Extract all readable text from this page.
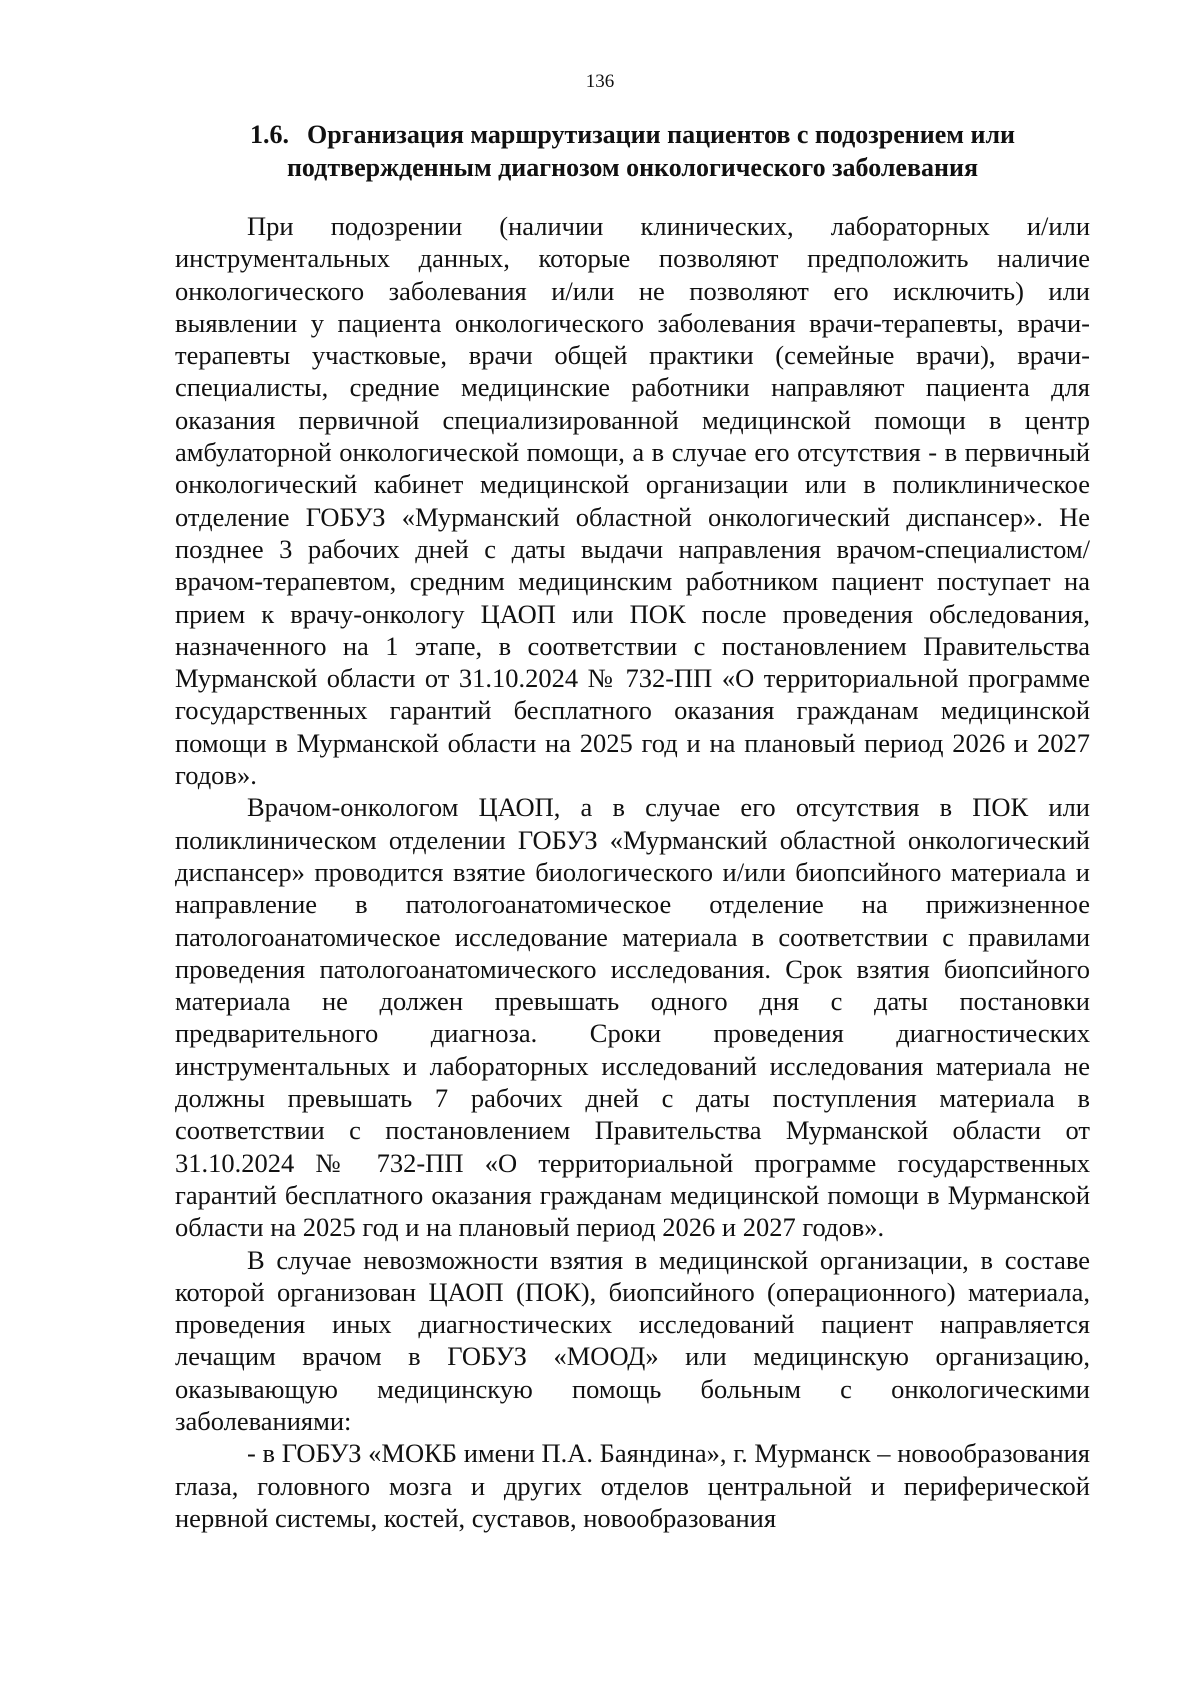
136
1.6. Организация маршрутизации пациентов с подозрением или подтвержденным диагнозом онкологического заболевания

При подозрении (наличии клинических, лабораторных и/или инструментальных данных, которые позволяют предположить наличие онкологического заболевания и/или не позволяют его исключить) или выявлении у пациента онкологического заболевания врачи-терапевты, врачи-терапевты участковые, врачи общей практики (семейные врачи), врачи-специалисты, средние медицинские работники направляют пациента для оказания первичной специализированной медицинской помощи в центр амбулаторной онкологической помощи, а в случае его отсутствия - в первичный онкологический кабинет медицинской организации или в поликлиническое отделение ГОБУЗ «Мурманский областной онкологический диспансер». Не позднее 3 рабочих дней с даты выдачи направления врачом-специалистом/врачом-терапевтом, средним медицинским работником пациент поступает на прием к врачу-онкологу ЦАОП или ПОК после проведения обследования, назначенного на 1 этапе, в соответствии с постановлением Правительства Мурманской области от 31.10.2024 № 732-ПП «О территориальной программе государственных гарантий бесплатного оказания гражданам медицинской помощи в Мурманской области на 2025 год и на плановый период 2026 и 2027 годов».

Врачом-онкологом ЦАОП, а в случае его отсутствия в ПОК или поликлиническом отделении ГОБУЗ «Мурманский областной онкологический диспансер» проводится взятие биологического и/или биопсийного материала и направление в патологоанатомическое отделение на прижизненное патологоанатомическое исследование материала в соответствии с правилами проведения патологоанатомического исследования. Срок взятия биопсийного материала не должен превышать одного дня с даты постановки предварительного диагноза. Сроки проведения диагностических инструментальных и лабораторных исследований исследования материала не должны превышать 7 рабочих дней с даты поступления материала в соответствии с постановлением Правительства Мурманской области от 31.10.2024 № 732-ПП «О территориальной программе государственных гарантий бесплатного оказания гражданам медицинской помощи в Мурманской области на 2025 год и на плановый период 2026 и 2027 годов».

В случае невозможности взятия в медицинской организации, в составе которой организован ЦАОП (ПОК), биопсийного (операционного) материала, проведения иных диагностических исследований пациент направляется лечащим врачом в ГОБУЗ «МООД» или медицинскую организацию, оказывающую медицинскую помощь больным с онкологическими заболеваниями:

- в ГОБУЗ «МОКБ имени П.А. Баяндина», г. Мурманск – новообразования глаза, головного мозга и других отделов центральной и периферической нервной системы, костей, суставов, новообразования
